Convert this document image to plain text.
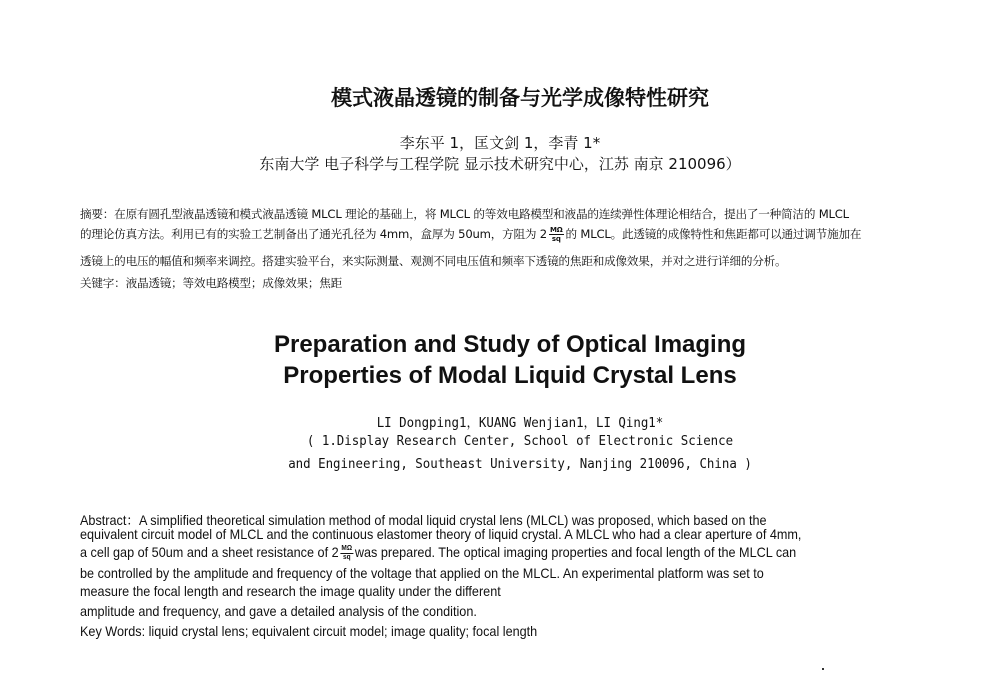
模式液晶透镜的制备与光学成像特性研究
李东平 1，匡文剑 1，李青 1*
东南大学 电子科学与工程学院 显示技术研究中心，江苏 南京 210096）
摘要：在原有圆孔型液晶透镜和模式液晶透镜 MLCL 理论的基础上，将 MLCL 的等效电路模型和液晶的连续弹性体理论相结合，提出了一种简洁的 MLCL
的理论仿真方法。利用已有的实验工艺制备出了通光孔径为 4mm，盒厚为 50um，方阻为 $2 \frac{M\Omega}{sq}$ 的 MLCL。此透镜的成像特性和焦距都可以通过调节施加在
透镜上的电压的幅值和频率来调控。搭建实验平台，来实际测量、观测不同电压值和频率下透镜的焦距和成像效果，并对之进行详细的分析。
关键字：液晶透镜；等效电路模型；成像效果；焦距
Preparation and Study of Optical Imaging
Properties of Modal Liquid Crystal Lens
LI Dongping1，KUANG Wenjian1，LI Qing1*
( 1.Display Research Center, School of Electronic Science
and Engineering, Southeast University, Nanjing 210096, China )
Abstract：A simplified theoretical simulation method of modal liquid crystal lens (MLCL) was proposed, which based on the
equivalent circuit model of MLCL and the continuous elastomer theory of liquid crystal. A MLCL who had a clear aperture of 4mm,
a cell gap of 50um and a sheet resistance of $2 \frac{M\Omega}{sq}$ was prepared. The optical imaging properties and focal length of the MLCL can
be controlled by the amplitude and frequency of the voltage that applied on the MLCL. An experimental platform was set to
measure the focal length and research the image quality under the different
amplitude and frequency, and gave a detailed analysis of the condition.
Key Words: liquid crystal lens; equivalent circuit model; image quality; focal length
